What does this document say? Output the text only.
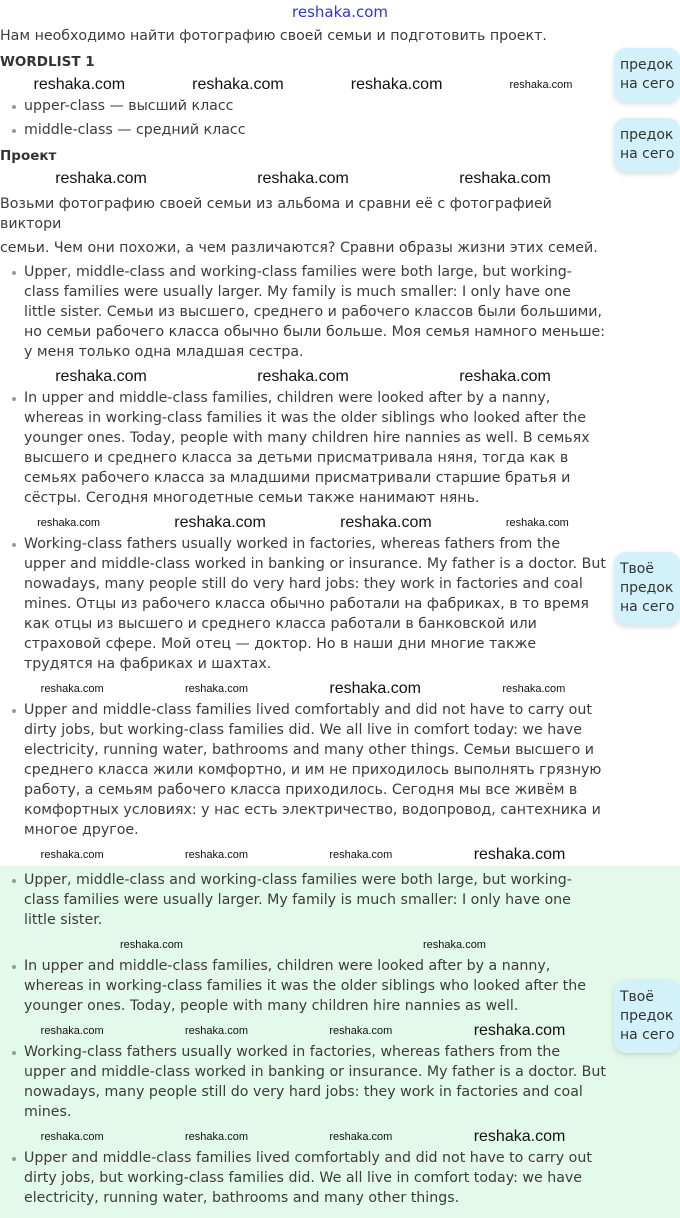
reshaka.com
Нам необходимо найти фотографию своей семьи и подготовить проект.
WORDLIST 1
reshaka.com	reshaka.com	reshaka.com	reshaka.com
upper-class — высший класс
middle-class — средний класс
Проект
reshaka.com	reshaka.com	reshaka.com
Возьми фотографию своей семьи из альбома и сравни её с фотографией виктори
семьи. Чем они похожи, а чем различаются? Сравни образы жизни этих семей.
Upper, middle-class and working-class families were both large, but working-class families were usually larger. My family is much smaller: I only have one little sister. Семьи из высшего, среднего и рабочего классов были большими, но семьи рабочего класса обычно были больше. Моя семья намного меньше: у меня только одна младшая сестра.
reshaka.com	reshaka.com	reshaka.com
In upper and middle-class families, children were looked after by a nanny, whereas in working-class families it was the older siblings who looked after the younger ones. Today, people with many children hire nannies as well. В семьях высшего и среднего класса за детьми присматривала няня, тогда как в семьях рабочего класса за младшими присматривали старшие братья и сёстры. Сегодня многодетные семьи также нанимают нянь.
reshaka.com	reshaka.com	reshaka.com	reshaka.com
Working-class fathers usually worked in factories, whereas fathers from the upper and middle-class worked in banking or insurance. My father is a doctor. But nowadays, many people still do very hard jobs: they work in factories and coal mines. Отцы из рабочего класса обычно работали на фабриках, в то время как отцы из высшего и среднего класса работали в банковской или страховой сфере. Мой отец — доктор. Но в наши дни многие также трудятся на фабриках и шахтах.
reshaka.com	reshaka.com	reshaka.com	reshaka.com
Upper and middle-class families lived comfortably and did not have to carry out dirty jobs, but working-class families did. We all live in comfort today: we have electricity, running water, bathrooms and many other things. Семьи высшего и среднего класса жили комфортно, и им не приходилось выполнять грязную работу, а семьям рабочего класса приходилось. Сегодня мы все живём в комфортных условиях: у нас есть электричество, водопровод, сантехника и многое другое.
reshaka.com	reshaka.com	reshaka.com	reshaka.com
предок
на сего
предок
на сего
Твоё
предок
на сего
Upper, middle-class and working-class families were both large, but working-class families were usually larger. My family is much smaller: I only have one little sister.
reshaka.com	reshaka.com
In upper and middle-class families, children were looked after by a nanny, whereas in working-class families it was the older siblings who looked after the younger ones. Today, people with many children hire nannies as well.
reshaka.com	reshaka.com	reshaka.com	reshaka.com
Working-class fathers usually worked in factories, whereas fathers from the upper and middle-class worked in banking or insurance. My father is a doctor. But nowadays, many people still do very hard jobs: they work in factories and coal mines.
reshaka.com	reshaka.com	reshaka.com	reshaka.com
Upper and middle-class families lived comfortably and did not have to carry out dirty jobs, but working-class families did. We all live in comfort today: we have electricity, running water, bathrooms and many other things.
Твоё
предок
на сего
